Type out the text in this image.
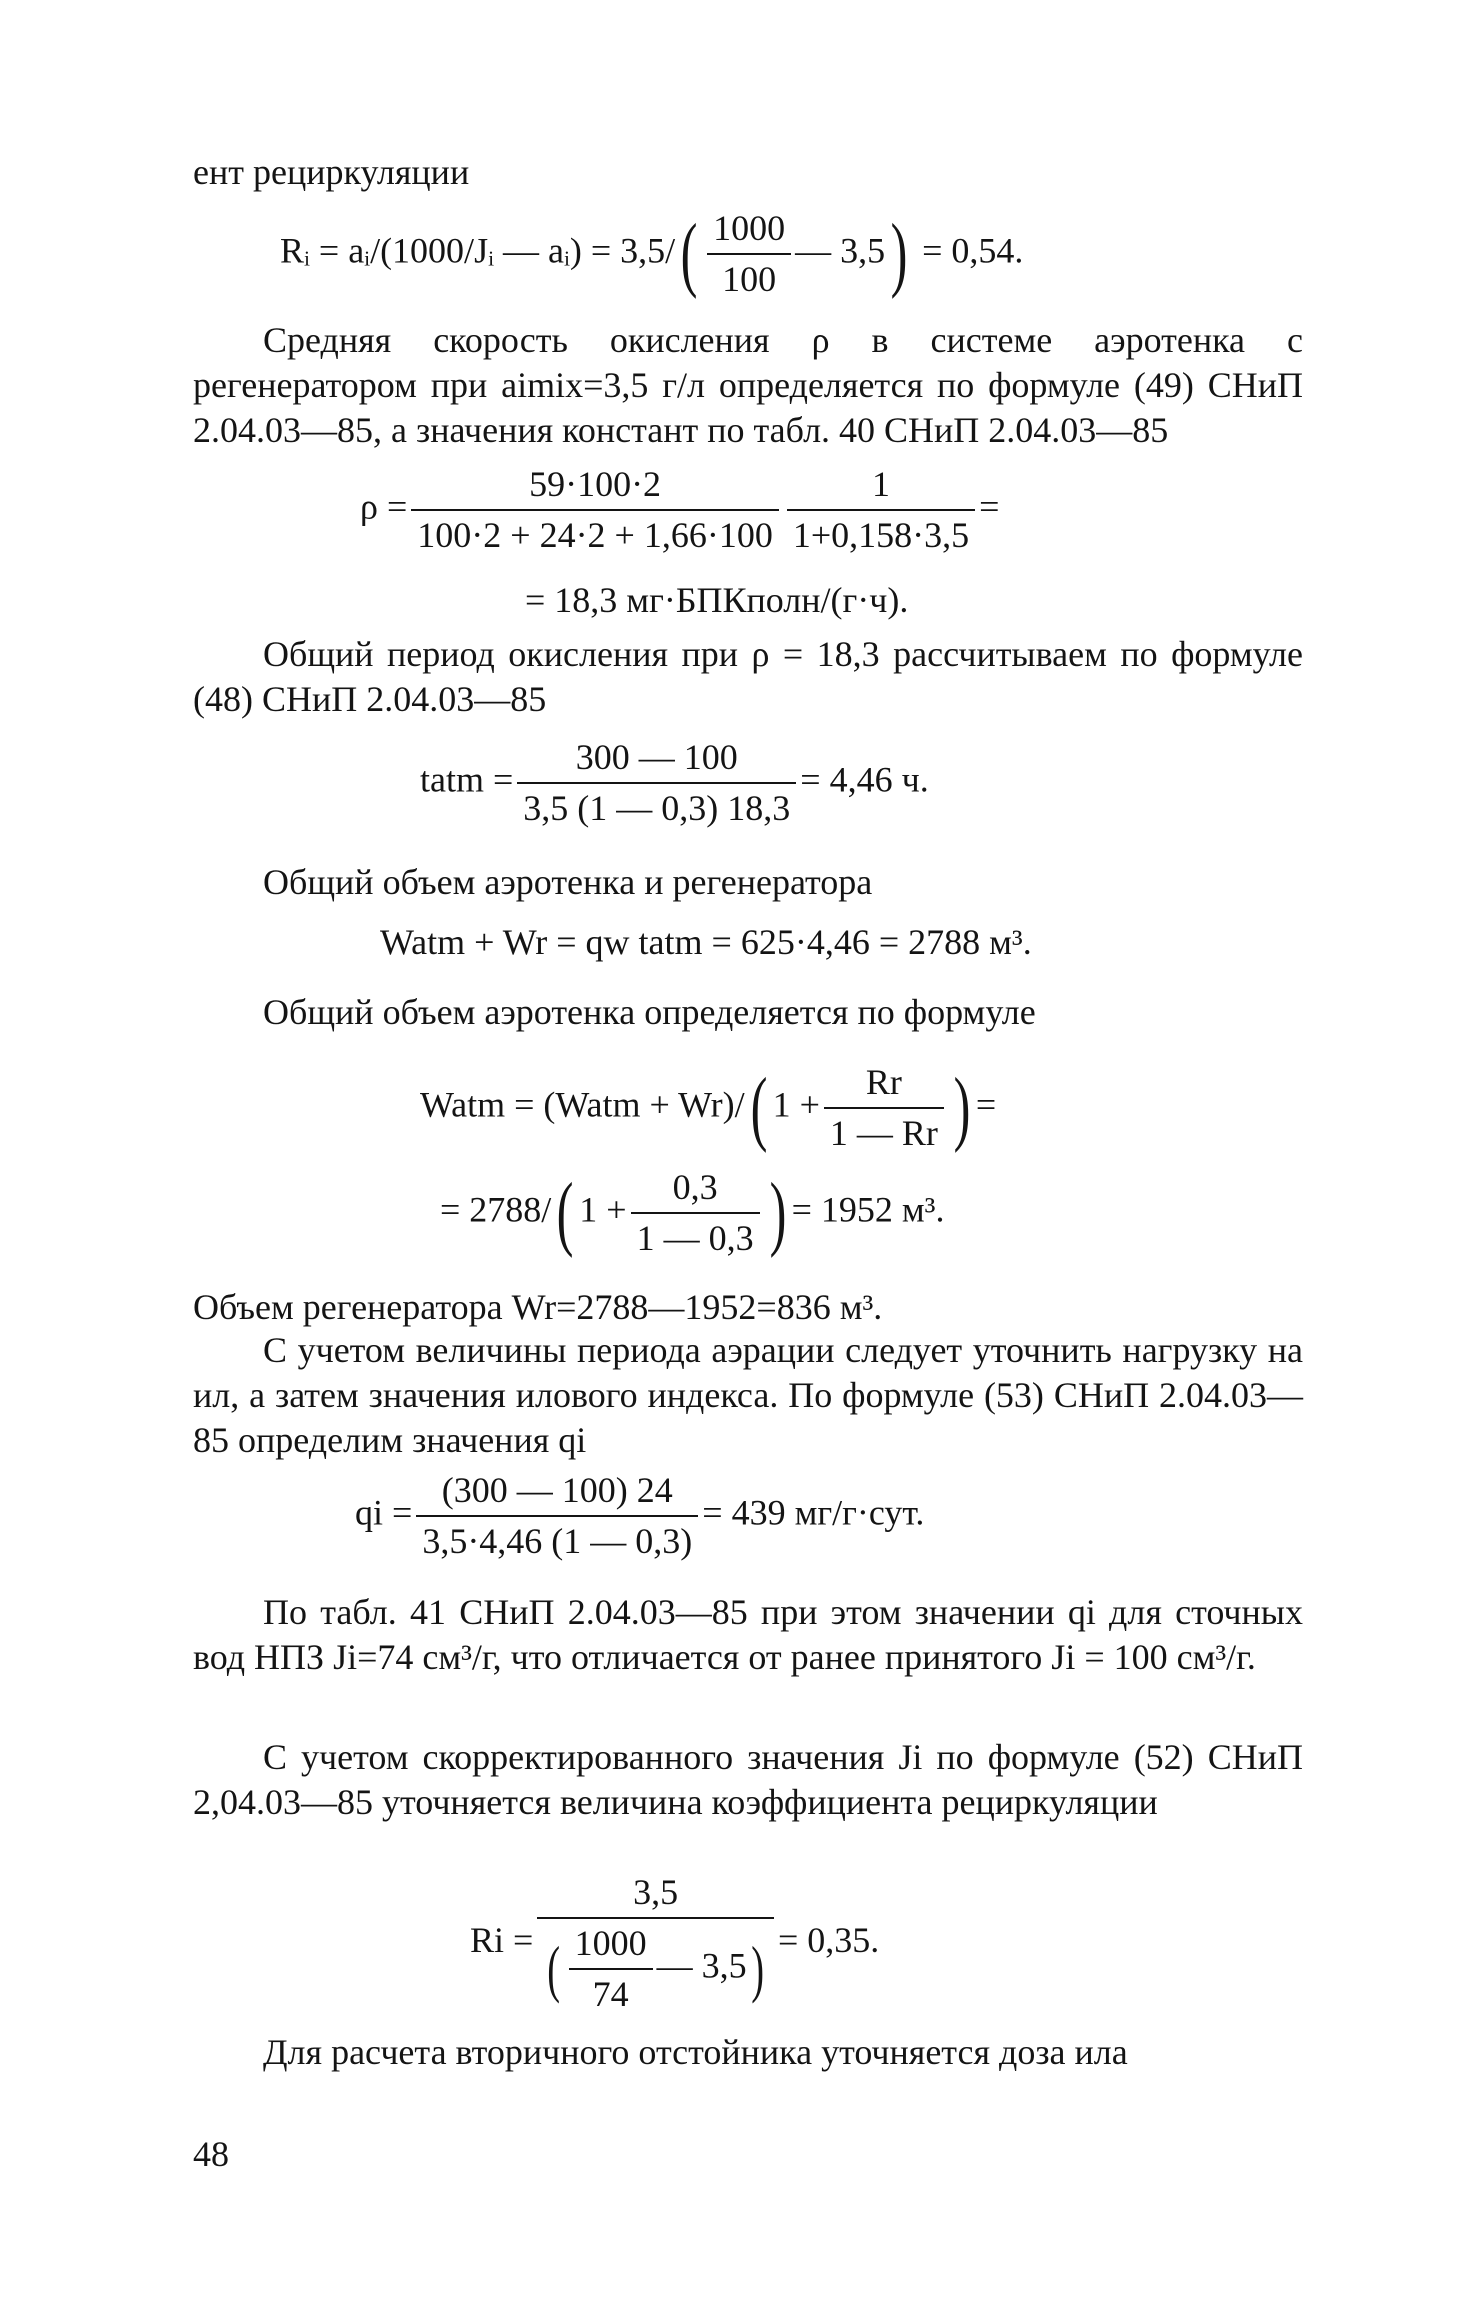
ент рециркуляции
Rᵢ = aᵢ/(1000/Jᵢ — aᵢ) = $3,5/( \frac{1000}{100}$ — 3,5) = 0,54.
Средняя скорость окисления ρ в системе аэротенка с регенератором при aimix=3,5 г/л определяется по формуле (49) СНиП 2.04.03—85, а значения констант по табл. 40 СНиП 2.04.03—85
$\rho = \frac{59\cdot 100\cdot 2}{100\cdot 2 + 24\cdot 2 + 1,66\cdot 100} \frac{1}{1+0,158\cdot 3,5}$ =
= 18,3 мг·БПКполн/(г·ч).
Общий период окисления при ρ = 18,3 рассчитываем по формуле (48) СНиП 2.04.03—85
tatm = $\frac{300 — 100}{3,5 (1 — 0,3) 18,3} = 4,46$ ч.
Общий объем аэротенка и регенератора
Watm + Wr = qw tatm = 625·4,46 = 2788 м³.
Общий объем аэротенка определяется по формуле
Watm = (Watm + Wr)/( $1 + \frac{Rr}{1 — Rr}$ ) =
= 2788/( $1 + \frac{0,3}{1 — 0,3}$ ) = 1952 м³.
Объем регенератора Wr=2788—1952=836 м³.
С учетом величины периода аэрации следует уточнить нагрузку на ил, а затем значения илового индекса. По формуле (53) СНиП 2.04.03—85 определим значения qi
qi = $\frac{(300 — 100) 24}{3,5\cdot 4,46 (1 — 0,3)} = 439$ мг/г·сут.
По табл. 41 СНиП 2.04.03—85 при этом значении qi для сточных вод НПЗ Ji=74 см³/г, что отличается от ранее принятого Ji = 100 см³/г.
С учетом скорректированного значения Ji по формуле (52) СНиП 2,04.03—85 уточняется величина коэффициента рециркуляции
$Ri = \frac{3,5}{( \frac{1000}{74} — 3,5)} = 0,35$.
Для расчета вторичного отстойника уточняется доза ила
48
